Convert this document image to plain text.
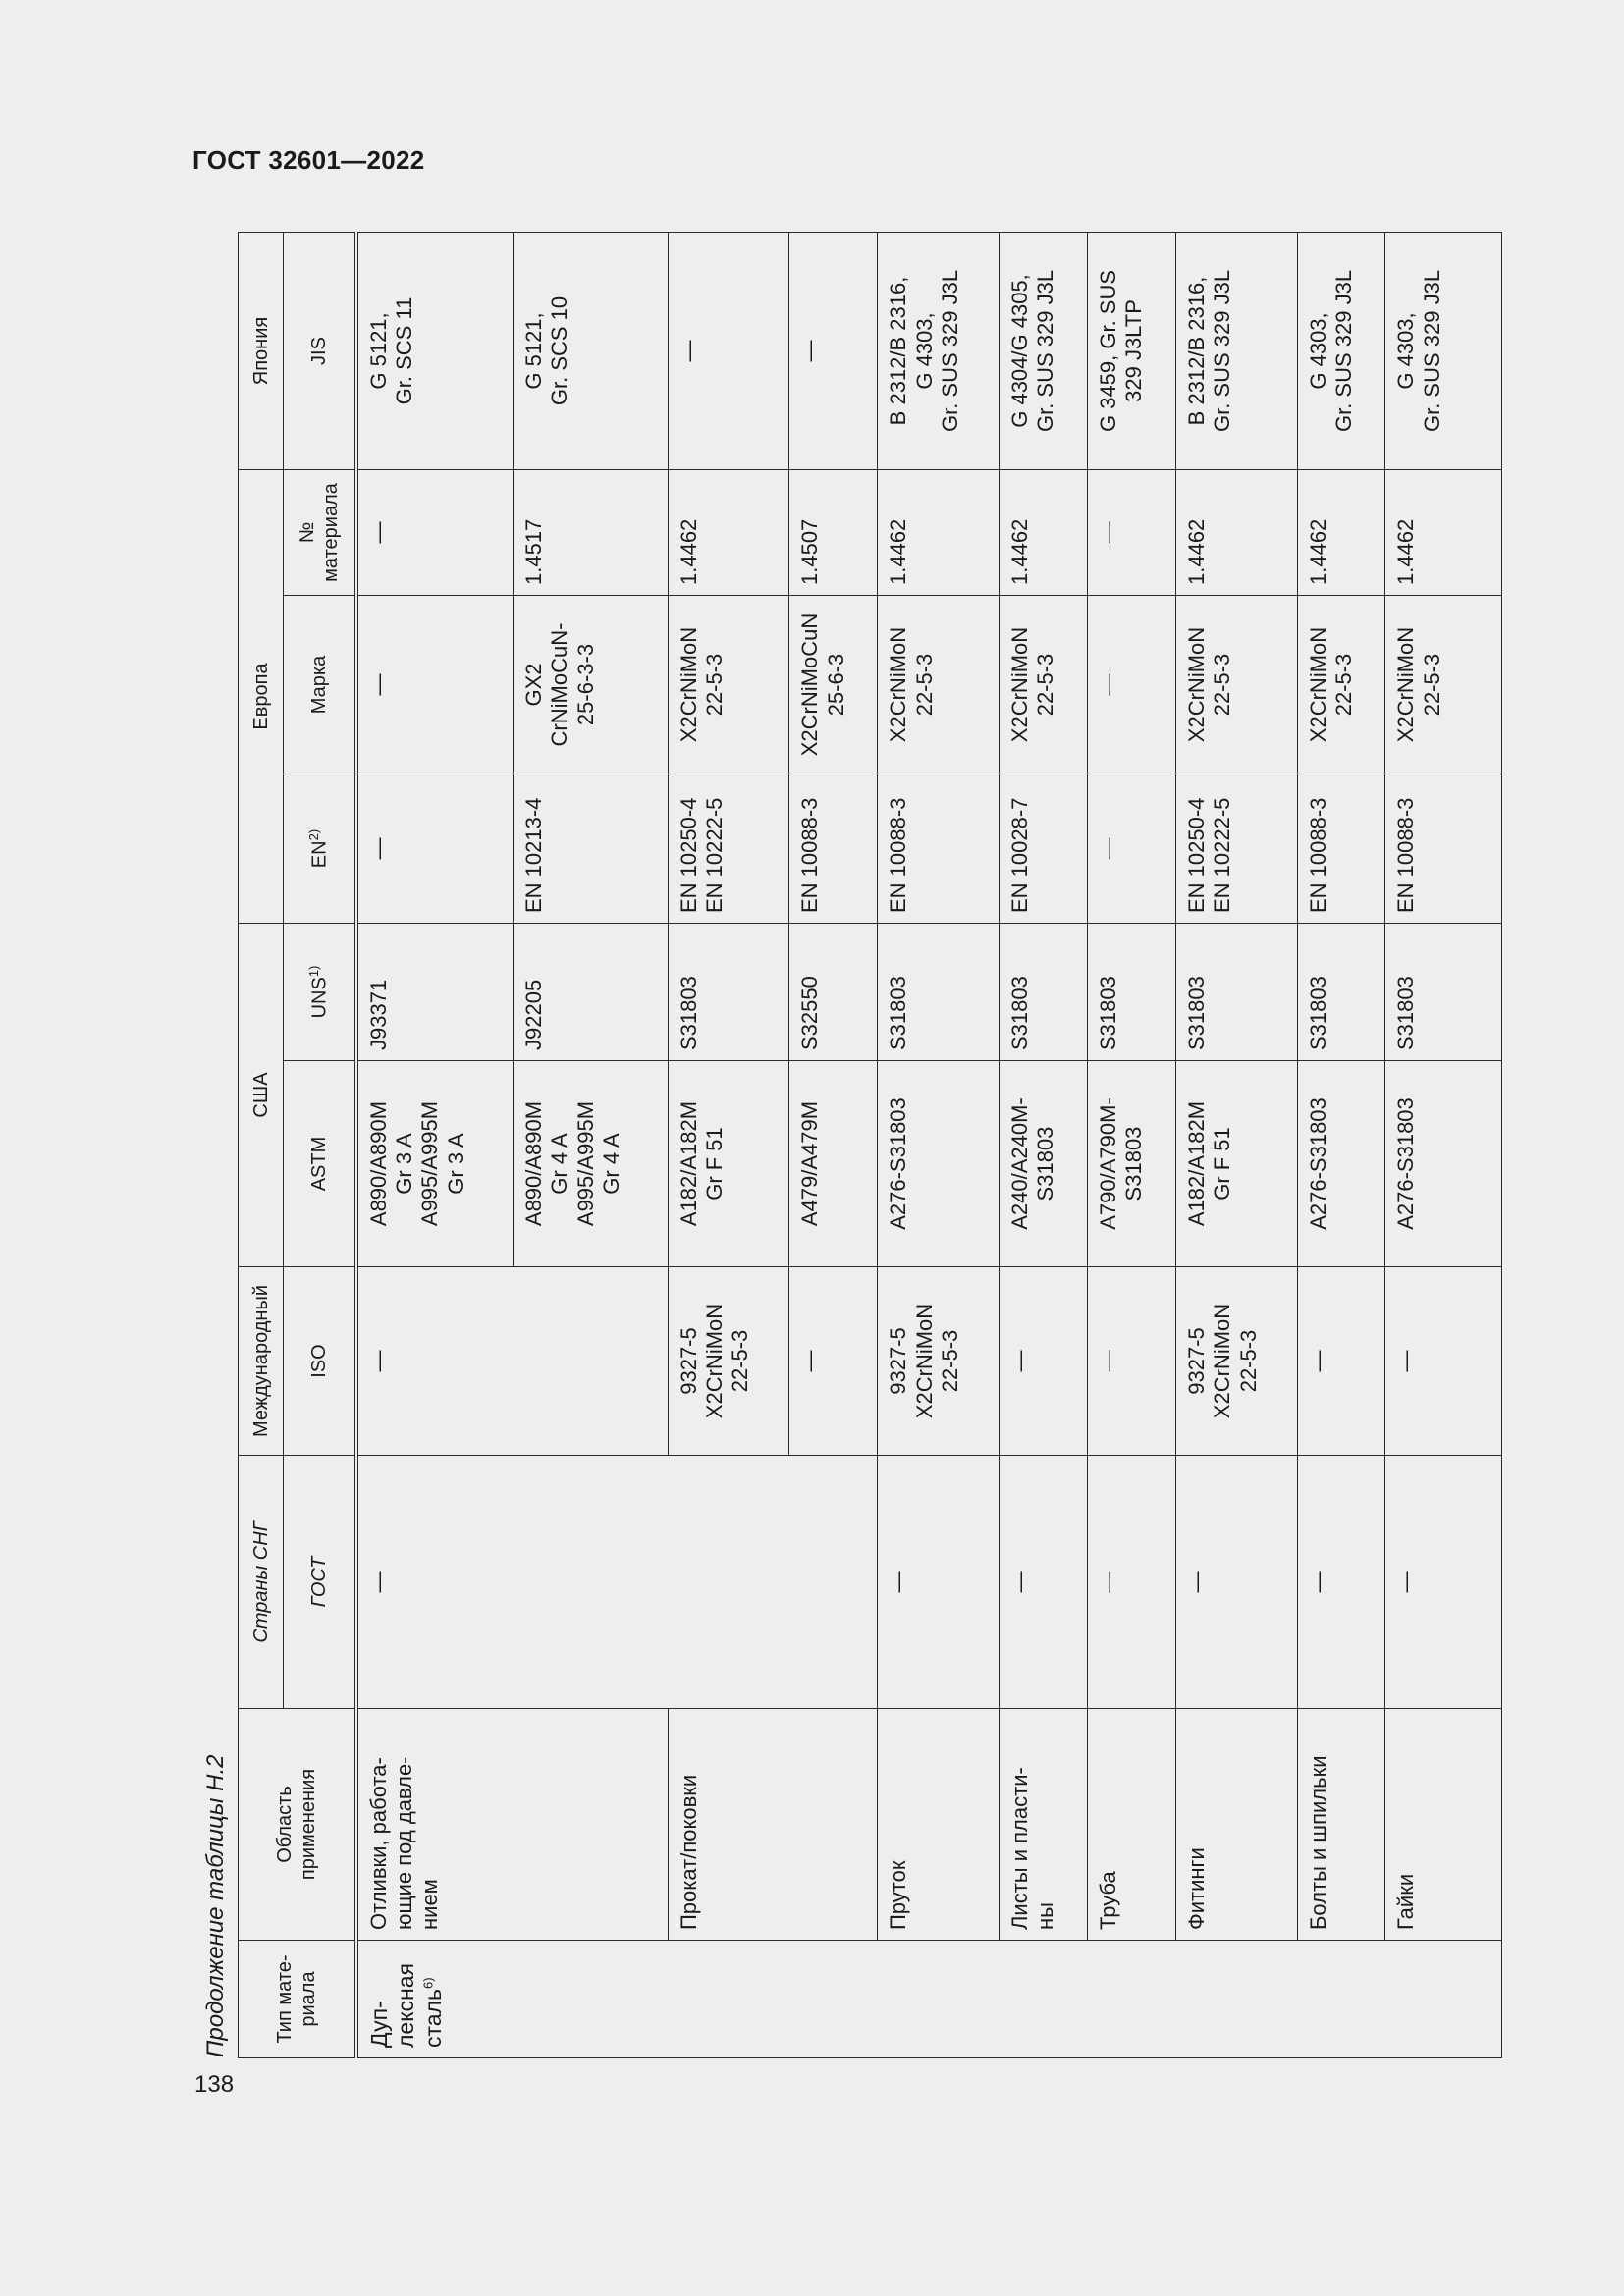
ГОСТ 32601—2022
Продолжение таблицы Н.2
138
Тип мате-
риала	Область
применения	Страны СНГ	Международный	США		Европа			Япония
		ГОСТ	ISO	ASTM	UNS$^{1)}$	EN$^{2)}$	Марка	№
материала	JIS
Дуп-
лексная
сталь$^{6)}$	Отливки, работа-
ющие под давле-
нием	—	—	A890/A890M
Gr 3 A
A995/A995M
Gr 3 A	J93371	—	—	—	G 5121,
Gr. SCS 11
				A890/A890M
Gr 4 A
A995/A995M
Gr 4 A	J92205	EN 10213-4	GX2
CrNiMoCuN-
25-6-3-3	1.4517	G 5121,
Gr. SCS 10
	Прокат/поковки		9327-5
X2CrNiMoN
22-5-3	A182/A182M
Gr F 51	S31803	EN 10250-4
EN 10222-5	X2CrNiMoN
22-5-3	1.4462	—
			—	A479/A479M	S32550	EN 10088-3	X2CrNiMoCuN
25-6-3	1.4507	—
	Пруток	—	9327-5
X2CrNiMoN
22-5-3	A276-S31803	S31803	EN 10088-3	X2CrNiMoN
22-5-3	1.4462	B 2312/B 2316,
G 4303,
Gr. SUS 329 J3L
	Листы и пласти-
ны	—	—	A240/A240M-
S31803	S31803	EN 10028-7	X2CrNiMoN
22-5-3	1.4462	G 4304/G 4305,
Gr. SUS 329 J3L
	Труба	—	—	A790/A790M-
S31803	S31803	—	—	—	G 3459, Gr. SUS
329 J3LTP
	Фитинги	—	9327-5
X2CrNiMoN
22-5-3	A182/A182M
Gr F 51	S31803	EN 10250-4
EN 10222-5	X2CrNiMoN
22-5-3	1.4462	B 2312/B 2316,
Gr. SUS 329 J3L
	Болты и шпильки	—	—	A276-S31803	S31803	EN 10088-3	X2CrNiMoN
22-5-3	1.4462	G 4303,
Gr. SUS 329 J3L
	Гайки	—	—	A276-S31803	S31803	EN 10088-3	X2CrNiMoN
22-5-3	1.4462	G 4303,
Gr. SUS 329 J3L
